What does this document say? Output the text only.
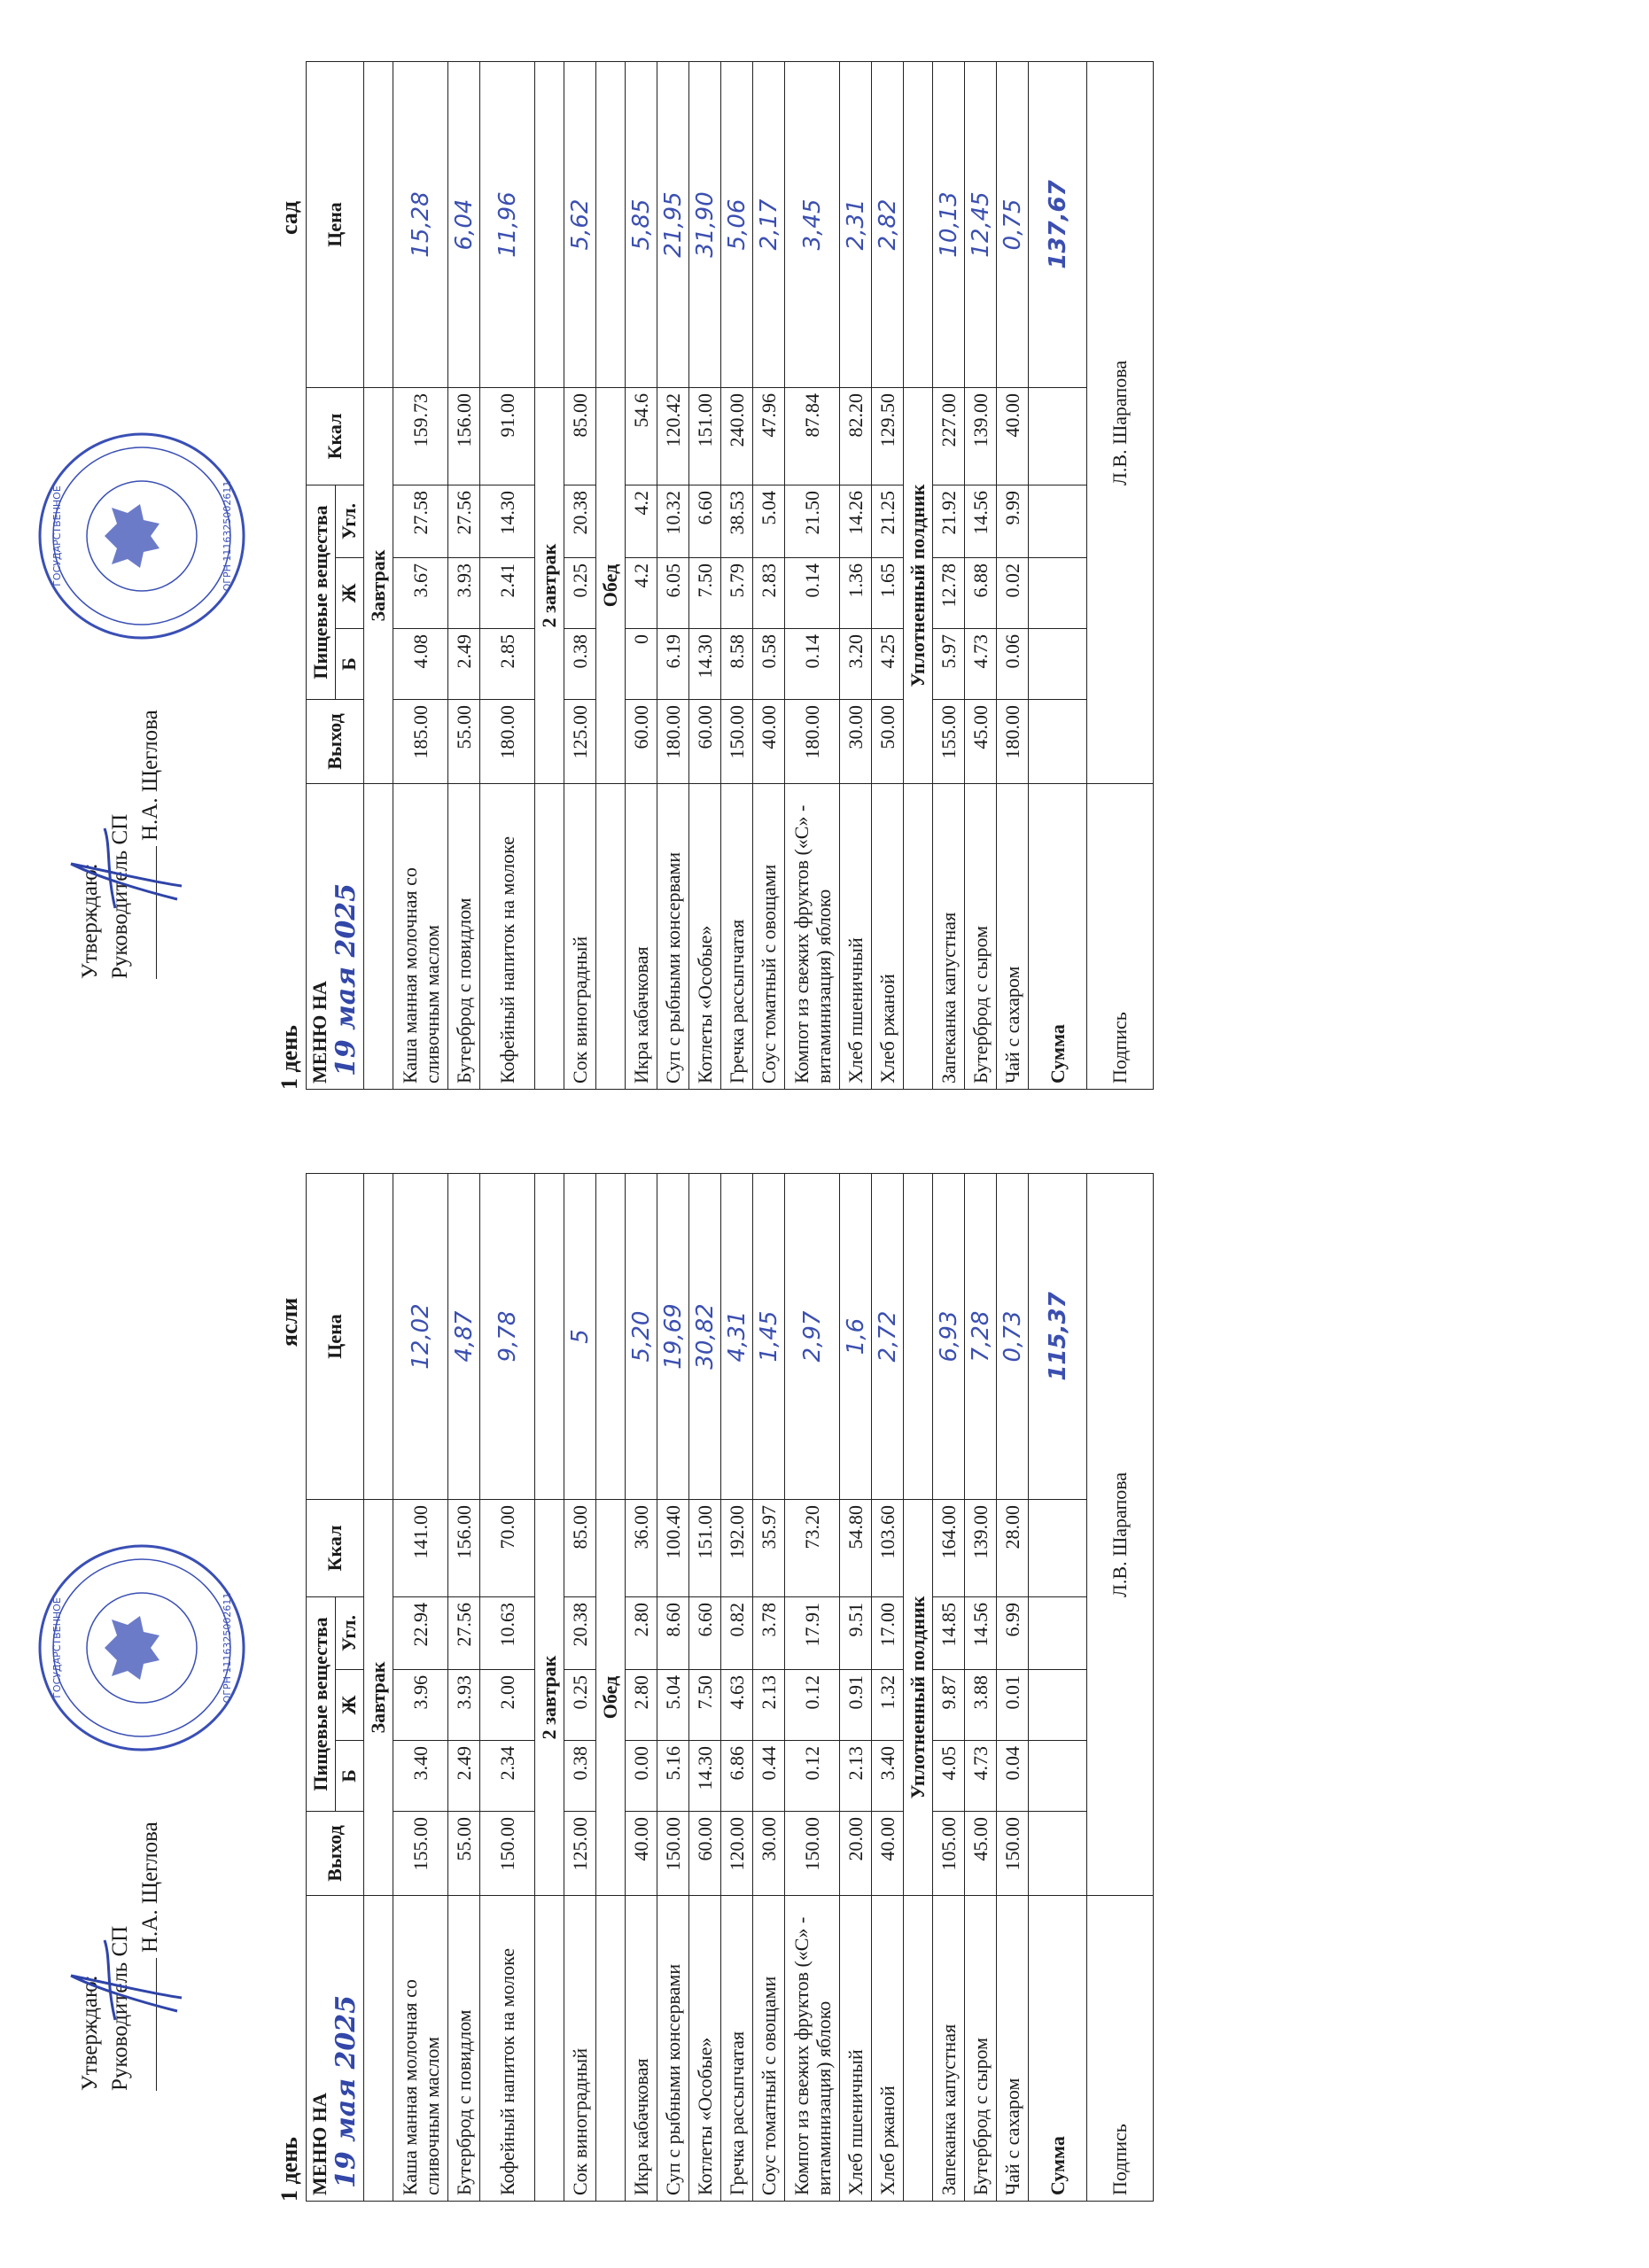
Утверждаю: Руководитель СП
Н.А. Щеглова
ГОСУДАРСТВЕННОЕ	ОГРН 1116325002611
1 день
ясли
МЕНЮ НА 19 мая 2025	Выход	Пищевые вещества			Ккал	Цена
		Б	Ж	Угл.		
	Завтрак					
Каша манная молочная со сливочным маслом	155.00	3.40	3.96	22.94	141.00	12,02
Бутерброд с повидлом	55.00	2.49	3.93	27.56	156.00	4,87
Кофейный напиток на молоке	150.00	2.34	2.00	10.63	70.00	9,78
	2 завтрак					
Сок виноградный	125.00	0.38	0.25	20.38	85.00	5
	Обед					
Икра кабачковая	40.00	0.00	2.80	2.80	36.00	5,20
Суп с рыбными консервами	150.00	5.16	5.04	8.60	100.40	19,69
Котлеты «Особые»	60.00	14.30	7.50	6.60	151.00	30,82
Гречка рассыпчатая	120.00	6.86	4.63	0.82	192.00	4,31
Соус томатный с овощами	30.00	0.44	2.13	3.78	35.97	1,45
Компот из свежих фруктов («С» - витаминизация) яблоко	150.00	0.12	0.12	17.91	73.20	2,97
Хлеб пшеничный	20.00	2.13	0.91	9.51	54.80	1,6
Хлеб ржаной	40.00	3.40	1.32	17.00	103.60	2,72
	Уплотненный полдник					
Запеканка капустная	105.00	4.05	9.87	14.85	164.00	6,93
Бутерброд с сыром	45.00	4.73	3.88	14.56	139.00	7,28
Чай с сахаром	150.00	0.04	0.01	6.99	28.00	0,73
Сумма						115,37
Подпись	Л.В. Шарапова					
Утверждаю: Руководитель СП
Н.А. Щеглова
ГОСУДАРСТВЕННОЕ	ОГРН 1116325002611
1 день
сад
МЕНЮ НА 19 мая 2025	Выход	Пищевые вещества			Ккал	Цена
		Б	Ж	Угл.		
	Завтрак					
Каша манная молочная со сливочным маслом	185.00	4.08	3.67	27.58	159.73	15,28
Бутерброд с повидлом	55.00	2.49	3.93	27.56	156.00	6,04
Кофейный напиток на молоке	180.00	2.85	2.41	14.30	91.00	11,96
	2 завтрак					
Сок виноградный	125.00	0.38	0.25	20.38	85.00	5,62
	Обед					
Икра кабачковая	60.00	0	4.2	4.2	54.6	5,85
Суп с рыбными консервами	180.00	6.19	6.05	10.32	120.42	21,95
Котлеты «Особые»	60.00	14.30	7.50	6.60	151.00	31,90
Гречка рассыпчатая	150.00	8.58	5.79	38.53	240.00	5,06
Соус томатный с овощами	40.00	0.58	2.83	5.04	47.96	2,17
Компот из свежих фруктов («С» - витаминизация) яблоко	180.00	0.14	0.14	21.50	87.84	3,45
Хлеб пшеничный	30.00	3.20	1.36	14.26	82.20	2,31
Хлеб ржаной	50.00	4.25	1.65	21.25	129.50	2,82
	Уплотненный полдник					
Запеканка капустная	155.00	5.97	12.78	21.92	227.00	10,13
Бутерброд с сыром	45.00	4.73	6.88	14.56	139.00	12,45
Чай с сахаром	180.00	0.06	0.02	9.99	40.00	0,75
Сумма						137,67
Подпись	Л.В. Шарапова					
